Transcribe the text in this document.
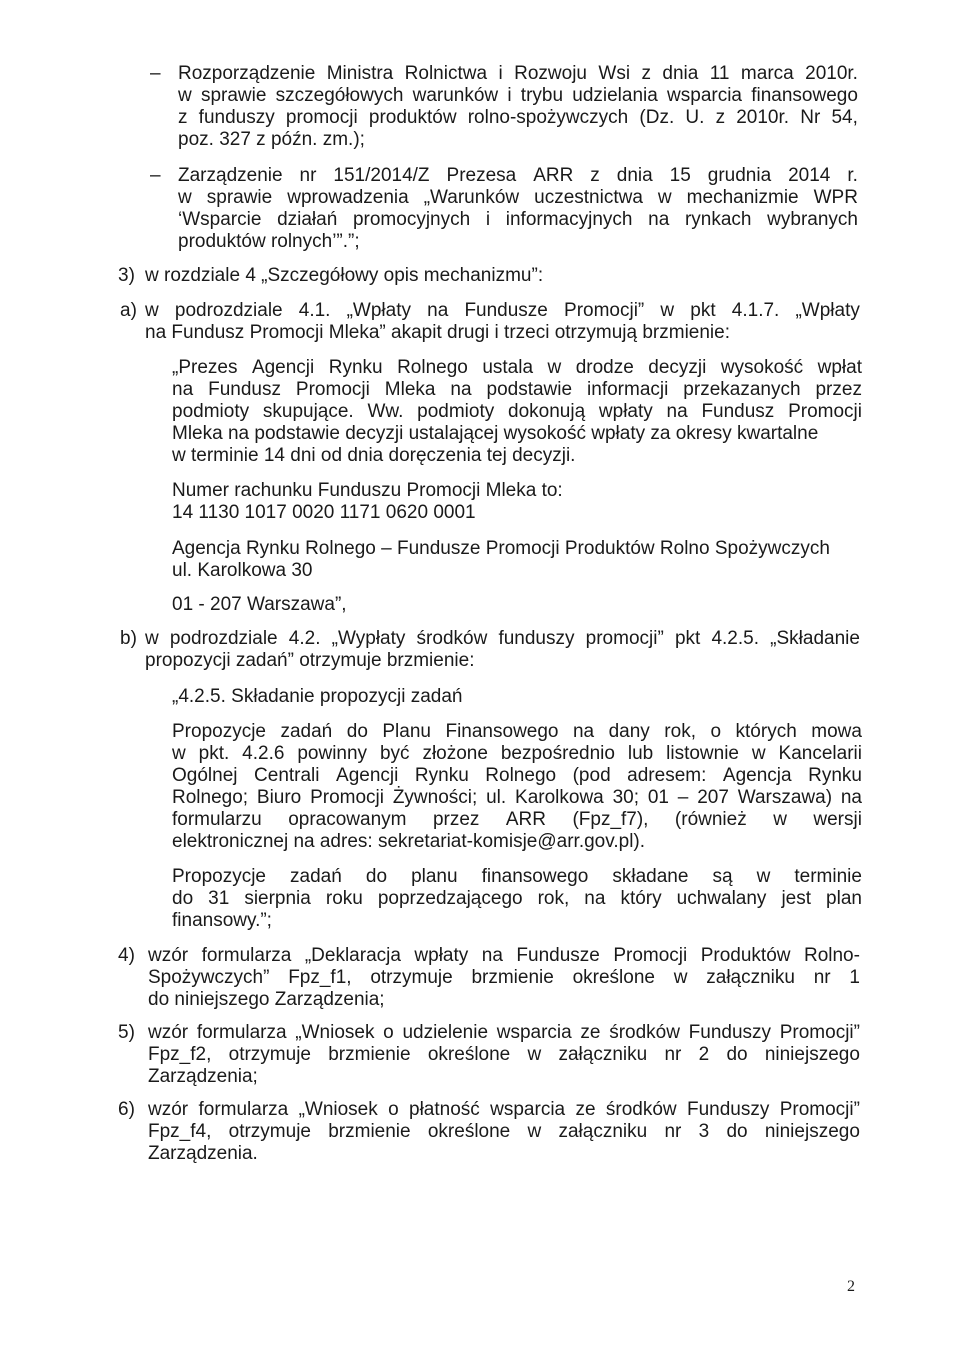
– Rozporządzenie Ministra Rolnictwa i Rozwoju Wsi z dnia 11 marca 2010r.
w sprawie szczegółowych warunków i trybu udzielania wsparcia finansowego
z funduszy promocji produktów rolno-spożywczych (Dz. U. z 2010r. Nr 54,
poz. 327 z późn. zm.);
– Zarządzenie nr 151/2014/Z Prezesa ARR z dnia 15 grudnia 2014 r.
w sprawie wprowadzenia „Warunków uczestnictwa w mechanizmie WPR
‘Wsparcie działań promocyjnych i informacyjnych na rynkach wybranych
produktów rolnych’”.”;
3) w rozdziale 4 „Szczegółowy opis mechanizmu”:
a) w podrozdziale 4.1. „Wpłaty na Fundusze Promocji” w pkt 4.1.7. „Wpłaty
na Fundusz Promocji Mleka” akapit drugi i trzeci otrzymują brzmienie:
„Prezes Agencji Rynku Rolnego ustala w drodze decyzji wysokość wpłat
na Fundusz Promocji Mleka na podstawie informacji przekazanych przez
podmioty skupujące. Ww. podmioty dokonują wpłaty na Fundusz Promocji
Mleka na podstawie decyzji ustalającej wysokość wpłaty za okresy kwartalne
w terminie 14 dni od dnia doręczenia tej decyzji.
Numer rachunku Funduszu Promocji Mleka to:
14 1130 1017 0020 1171 0620 0001
Agencja Rynku Rolnego – Fundusze Promocji Produktów Rolno Spożywczych
ul. Karolkowa 30
01 - 207 Warszawa”,
b) w podrozdziale 4.2. „Wypłaty środków funduszy promocji” pkt 4.2.5. „Składanie
propozycji zadań” otrzymuje brzmienie:
„4.2.5. Składanie propozycji zadań
Propozycje zadań do Planu Finansowego na dany rok, o których mowa
w pkt. 4.2.6 powinny być złożone bezpośrednio lub listownie w Kancelarii
Ogólnej Centrali Agencji Rynku Rolnego (pod adresem: Agencja Rynku
Rolnego; Biuro Promocji Żywności; ul. Karolkowa 30; 01 – 207 Warszawa) na
formularzu opracowanym przez ARR (Fpz_f7), (również w wersji
elektronicznej na adres: sekretariat-komisje@arr.gov.pl).
Propozycje zadań do planu finansowego składane są w terminie
do 31 sierpnia roku poprzedzającego rok, na który uchwalany jest plan
finansowy.”;
4) wzór formularza „Deklaracja wpłaty na Fundusze Promocji Produktów Rolno-
Spożywczych” Fpz_f1, otrzymuje brzmienie określone w załączniku nr 1
do niniejszego Zarządzenia;
5) wzór formularza „Wniosek o udzielenie wsparcia ze środków Funduszy Promocji”
Fpz_f2, otrzymuje brzmienie określone w załączniku nr 2 do niniejszego
Zarządzenia;
6) wzór formularza „Wniosek o płatność wsparcia ze środków Funduszy Promocji”
Fpz_f4, otrzymuje brzmienie określone w załączniku nr 3 do niniejszego
Zarządzenia.
2
